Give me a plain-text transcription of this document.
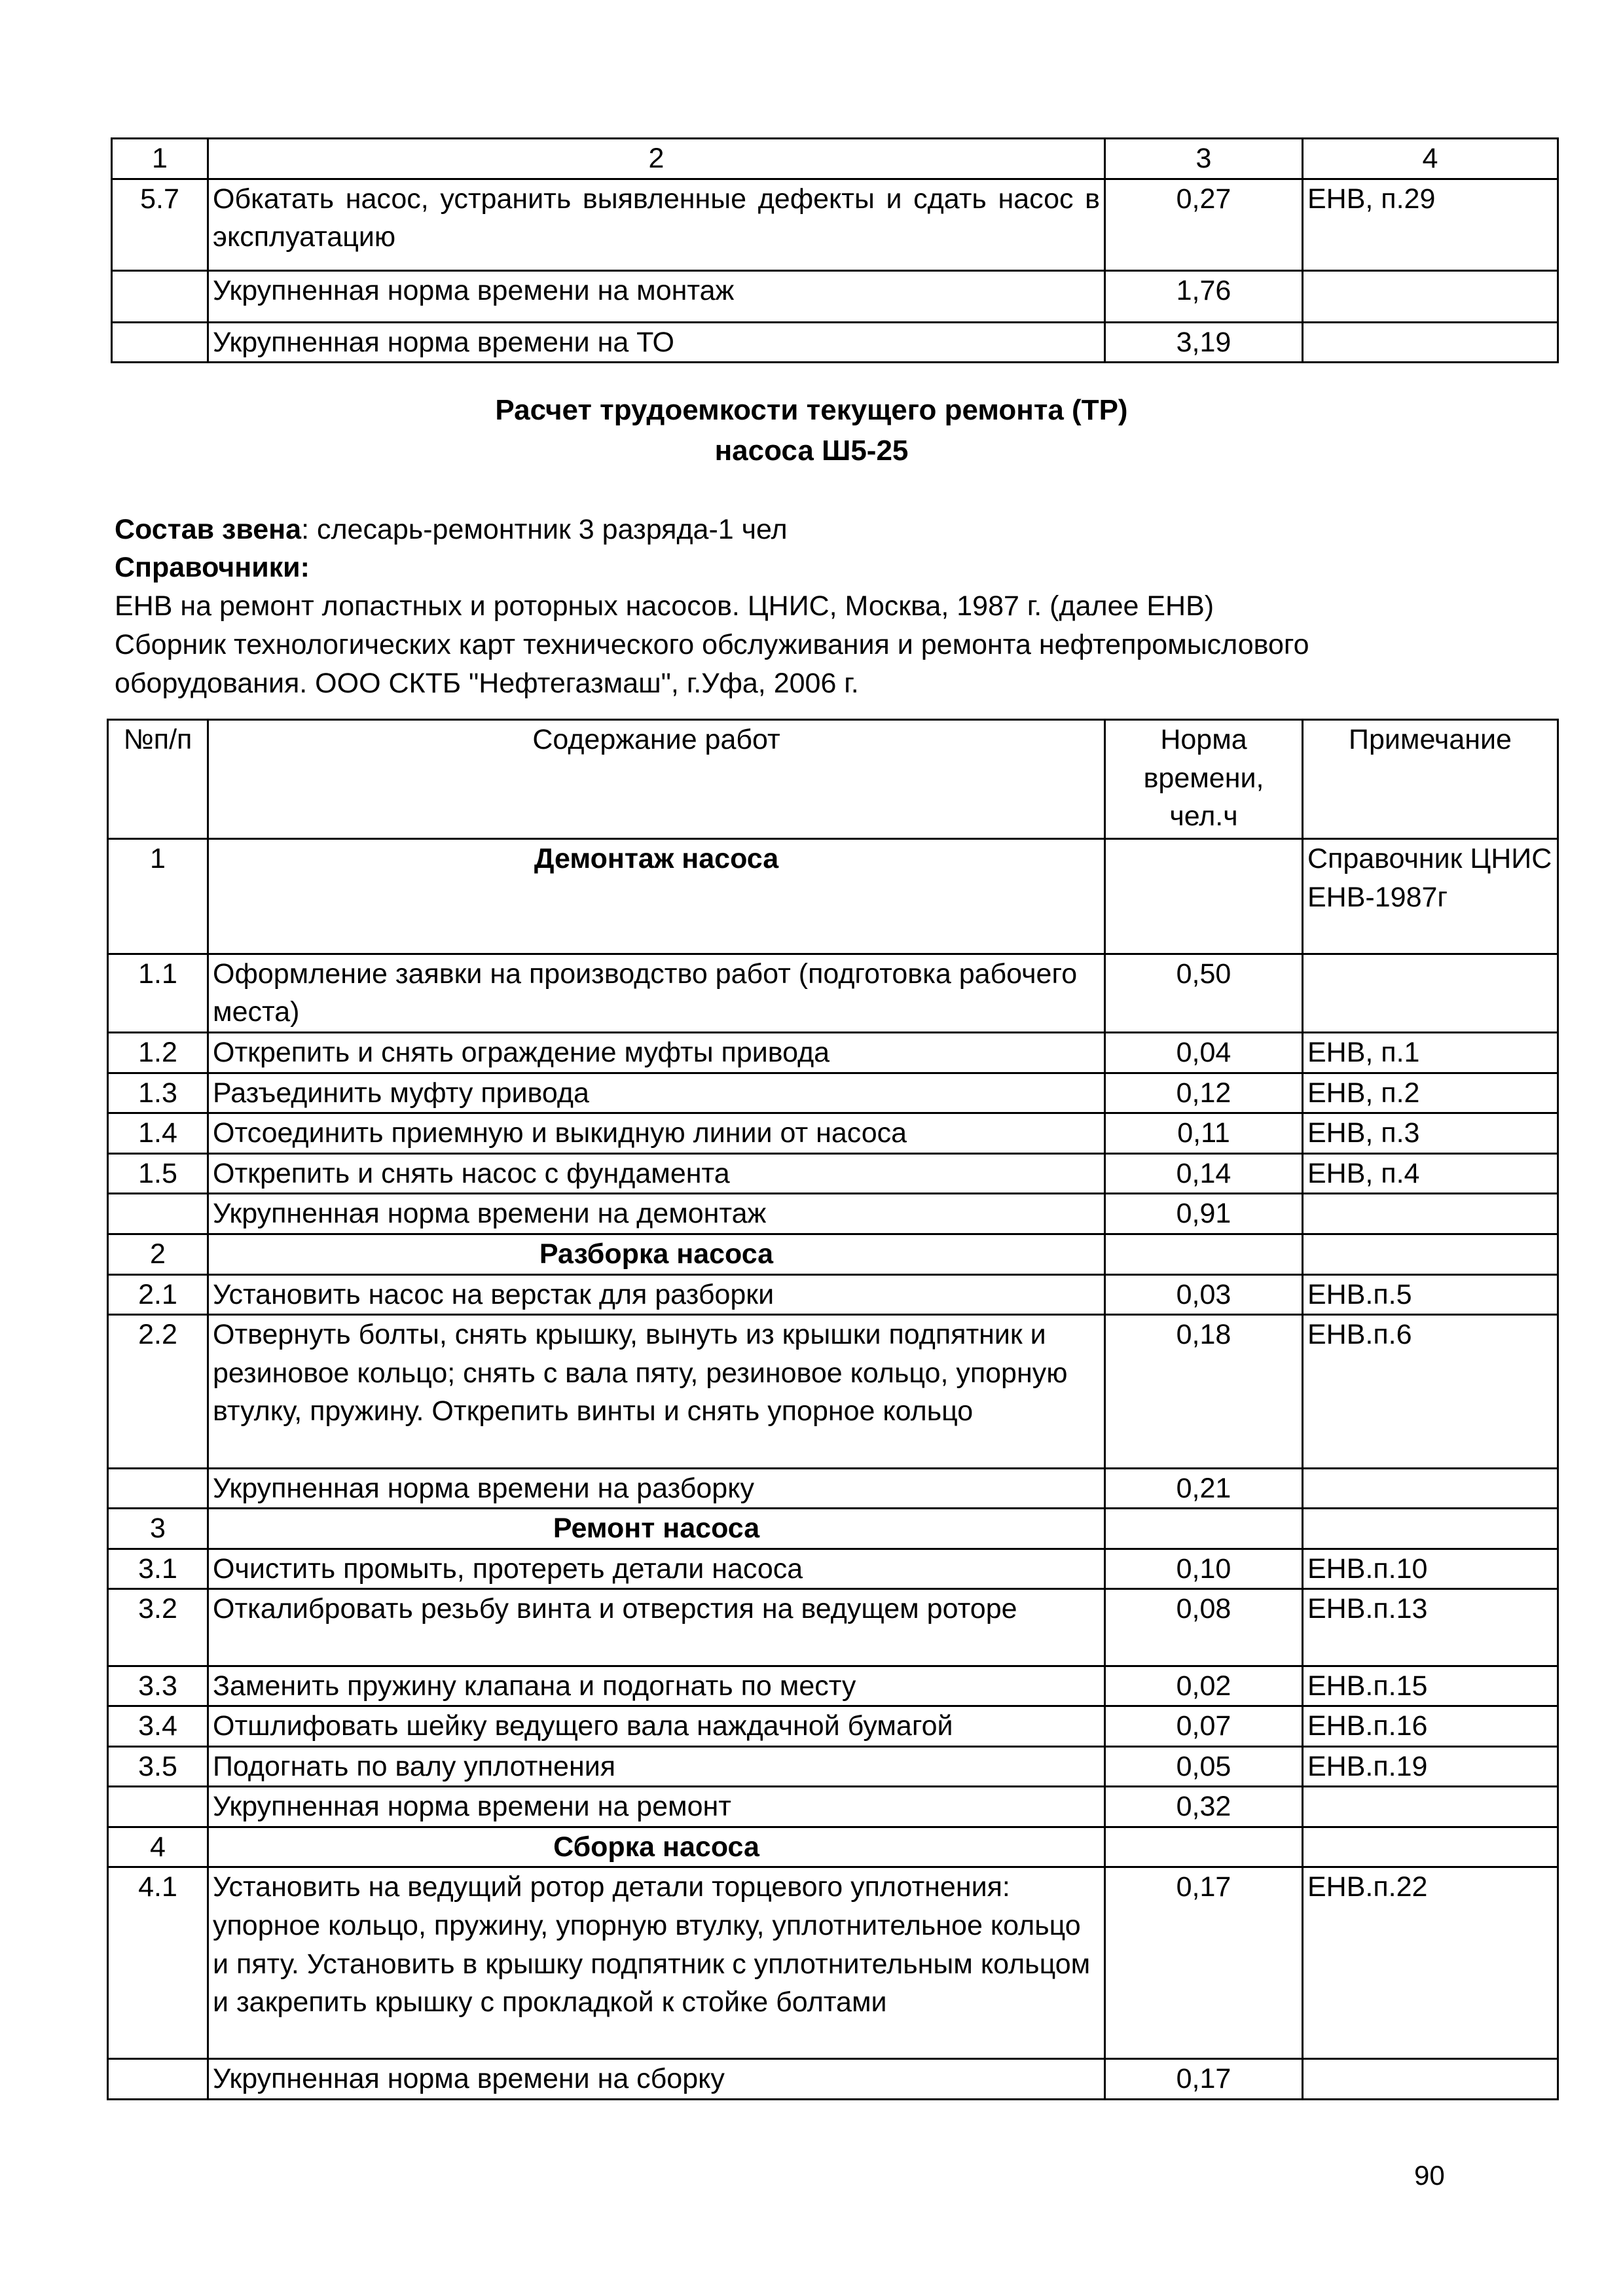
1	2	3	4
5.7	Обкатать насос, устранить выявленные дефекты и сдать насос в эксплуатацию	0,27	ЕНВ, п.29
	Укрупненная норма времени на монтаж	1,76	
	Укрупненная норма времени на ТО	3,19	
Расчет трудоемкости текущего ремонта (ТР)
насоса Ш5-25
Состав звена: слесарь-ремонтник 3 разряда-1 чел
Справочники:
ЕНВ на ремонт лопастных и роторных насосов. ЦНИС, Москва, 1987 г. (далее ЕНВ)
Сборник технологических карт технического обслуживания и ремонта нефтепромыслового оборудования. ООО СКТБ "Нефтегазмаш", г.Уфа, 2006 г.
№п/п	Содержание работ	Норма времени, чел.ч	Примечание
1	Демонтаж насоса		Справочник ЦНИС ЕНВ-1987г
1.1	Оформление заявки на производство работ (подготовка рабочего места)	0,50	
1.2	Открепить и снять ограждение муфты привода	0,04	ЕНВ, п.1
1.3	Разъединить муфту привода	0,12	ЕНВ, п.2
1.4	Отсоединить приемную и выкидную линии от насоса	0,11	ЕНВ, п.3
1.5	Открепить и снять насос с фундамента	0,14	ЕНВ, п.4
	Укрупненная норма времени на демонтаж	0,91	
2	Разборка насоса		
2.1	Установить насос на верстак для разборки	0,03	ЕНВ.п.5
2.2	Отвернуть болты, снять крышку, вынуть из крышки подпятник и резиновое кольцо; снять с вала пяту, резиновое кольцо, упорную втулку, пружину. Открепить винты и снять упорное кольцо	0,18	ЕНВ.п.6
	Укрупненная норма времени на разборку	0,21	
3	Ремонт насоса		
3.1	Очистить промыть, протереть детали насоса	0,10	ЕНВ.п.10
3.2	Откалибровать резьбу винта и отверстия на ведущем роторе	0,08	ЕНВ.п.13
3.3	Заменить пружину клапана и подогнать по месту	0,02	ЕНВ.п.15
3.4	Отшлифовать шейку ведущего вала наждачной бумагой	0,07	ЕНВ.п.16
3.5	Подогнать по валу уплотнения	0,05	ЕНВ.п.19
	Укрупненная норма времени на ремонт	0,32	
4	Сборка насоса		
4.1	Установить на ведущий ротор детали торцевого уплотнения: упорное кольцо, пружину, упорную втулку, уплотнительное кольцо и пяту. Установить в крышку подпятник с уплотнительным кольцом и закрепить крышку с прокладкой к стойке болтами	0,17	ЕНВ.п.22
	Укрупненная норма времени на сборку	0,17	
90
